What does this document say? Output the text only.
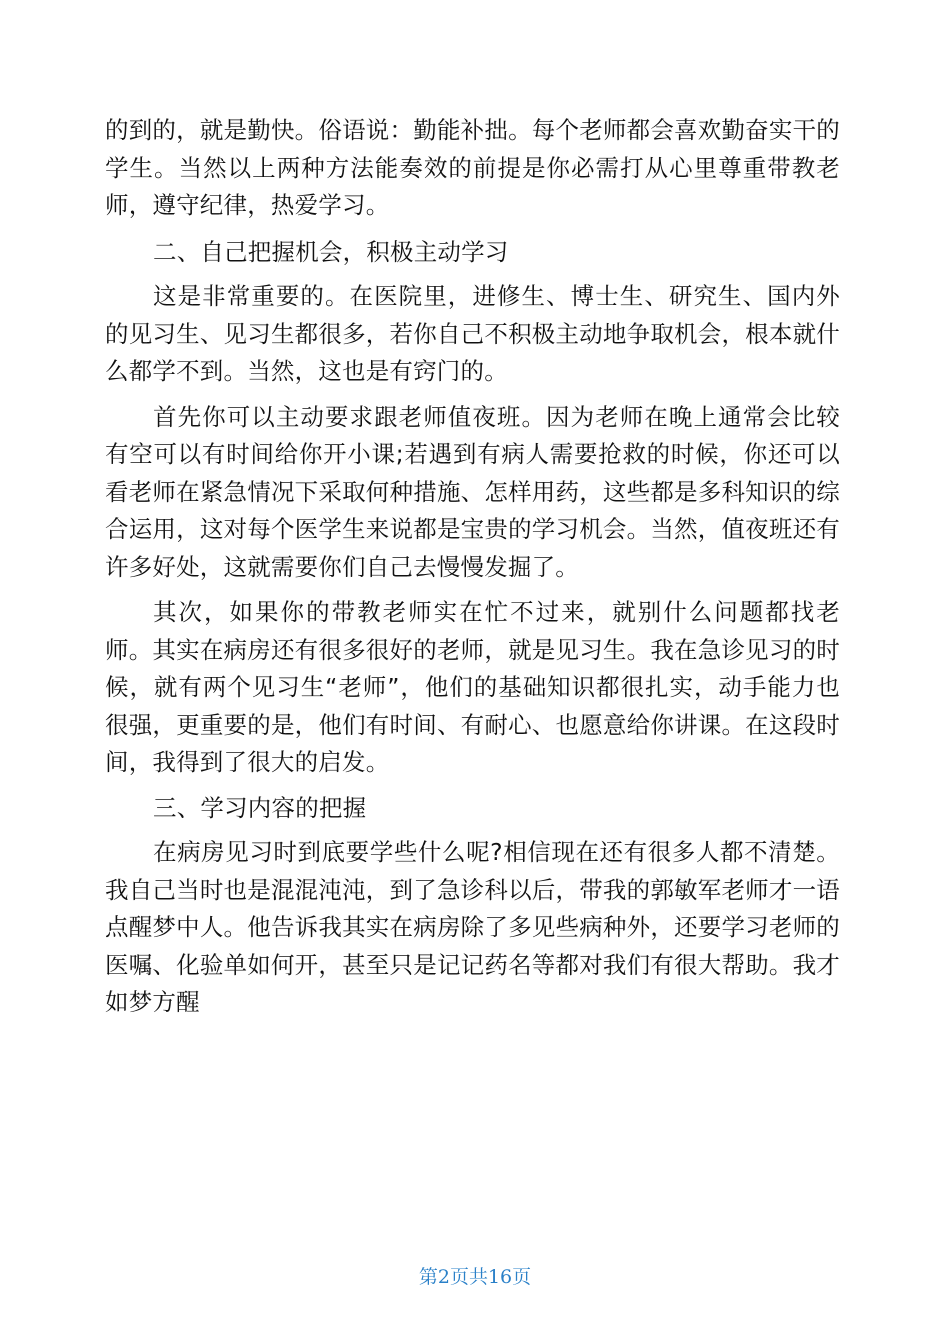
的到的，就是勤快。俗语说：勤能补拙。每个老师都会喜欢勤奋实干的学生。当然以上两种方法能奏效的前提是你必需打从心里尊重带教老师，遵守纪律，热爱学习。

二、自己把握机会，积极主动学习

这是非常重要的。在医院里，进修生、博士生、研究生、国内外的见习生、见习生都很多，若你自己不积极主动地争取机会，根本就什么都学不到。当然，这也是有窍门的。

首先你可以主动要求跟老师值夜班。因为老师在晚上通常会比较有空可以有时间给你开小课;若遇到有病人需要抢救的时候，你还可以看老师在紧急情况下采取何种措施、怎样用药，这些都是多科知识的综合运用，这对每个医学生来说都是宝贵的学习机会。当然，值夜班还有许多好处，这就需要你们自己去慢慢发掘了。

其次，如果你的带教老师实在忙不过来，就别什么问题都找老师。其实在病房还有很多很好的老师，就是见习生。我在急诊见习的时候，就有两个见习生“老师”，他们的基础知识都很扎实，动手能力也很强，更重要的是，他们有时间、有耐心、也愿意给你讲课。在这段时间，我得到了很大的启发。

三、学习内容的把握

在病房见习时到底要学些什么呢?相信现在还有很多人都不清楚。我自己当时也是混混沌沌，到了急诊科以后，带我的郭敏军老师才一语点醒梦中人。他告诉我其实在病房除了多见些病种外，还要学习老师的医嘱、化验单如何开，甚至只是记记药名等都对我们有很大帮助。我才如梦方醒

第2页共16页
